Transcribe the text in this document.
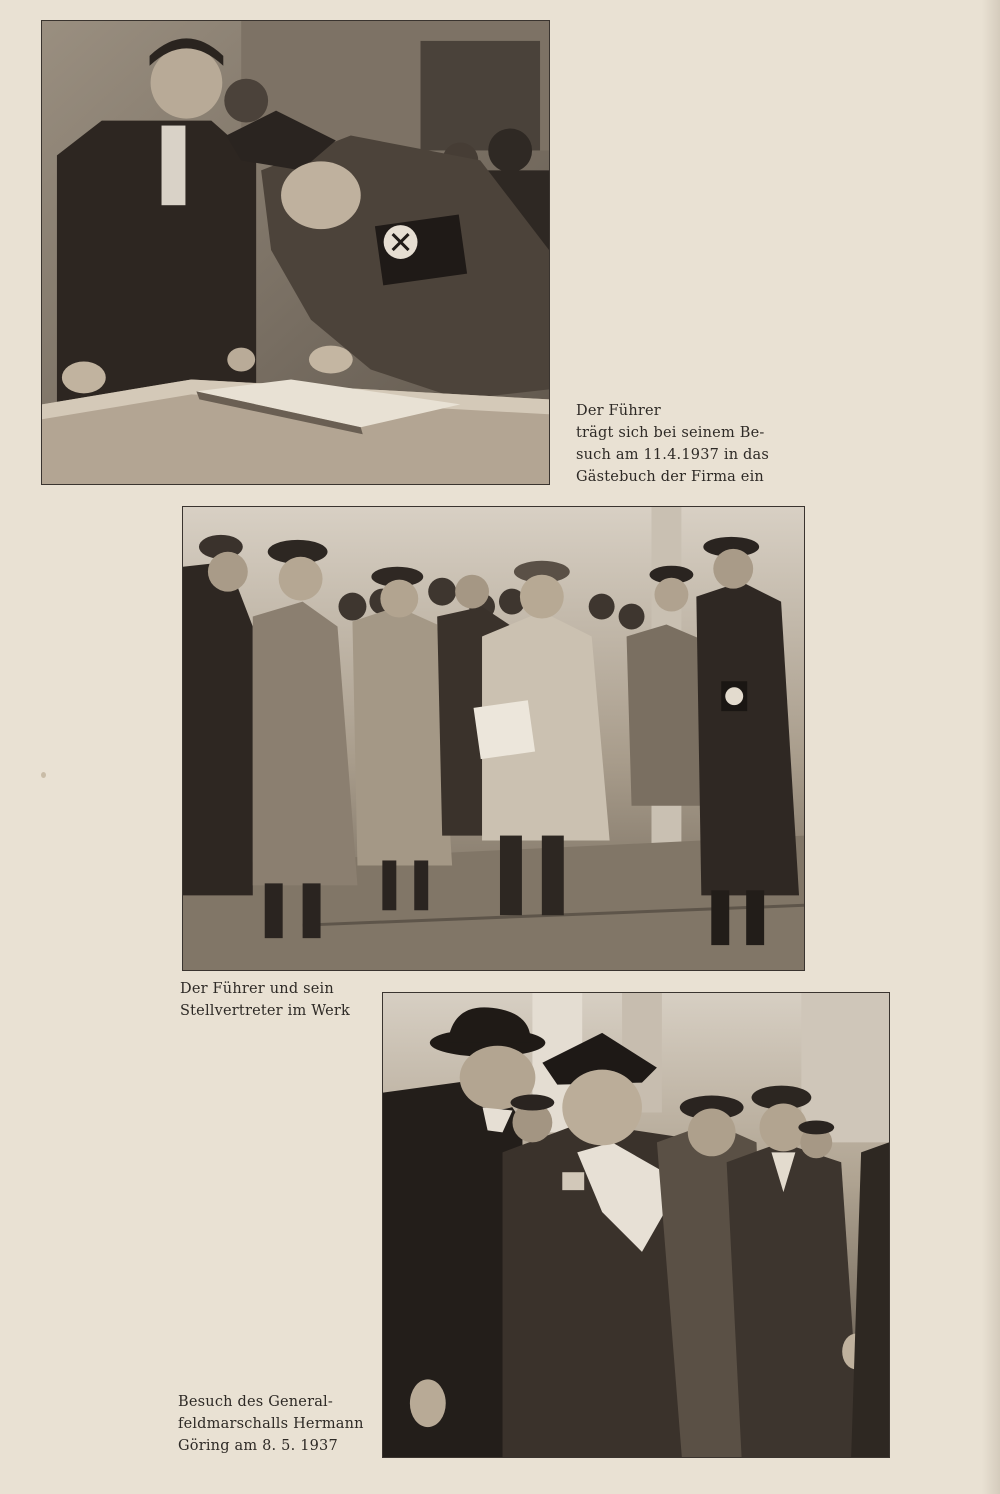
Der Führer
trägt sich bei seinem Be-
such am 11.4.1937 in das
Gästebuch der Firma ein
Der Führer und sein
Stellvertreter im Werk
Besuch des General-
feldmarschalls Hermann
Göring am 8. 5. 1937
